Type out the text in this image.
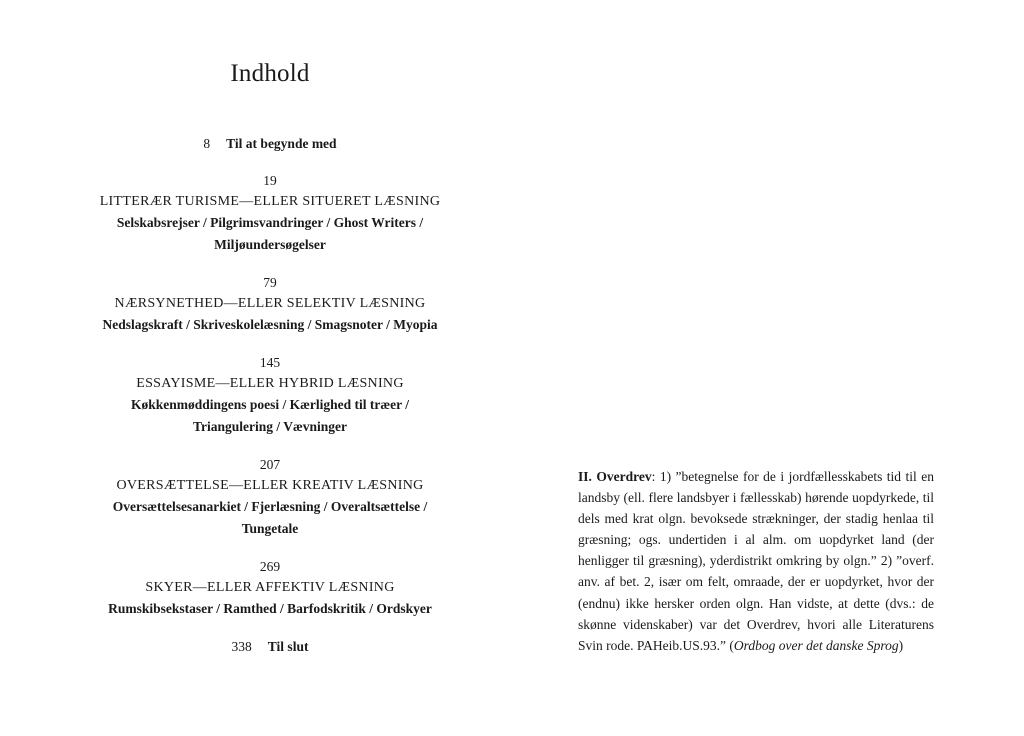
Indhold
8 Til at begynde med
19
LITTERÆR TURISME—ELLER SITUERET LÆSNING
Selskabsrejser / Pilgrimsvandringer / Ghost Writers / Miljøundersøgelser
79
NÆRSYNETHED—ELLER SELEKTIV LÆSNING
Nedslagskraft / Skriveskolelæsning / Smagsnoter / Myopia
145
ESSAYISME—ELLER HYBRID LÆSNING
Køkkenmøddingens poesi / Kærlighed til træer / Triangulering / Vævninger
207
OVERSÆTTELSE—ELLER KREATIV LÆSNING
Oversættelsesanarkiet / Fjerlæsning / Overaltsættelse / Tungetale
269
SKYER—ELLER AFFEKTIV LÆSNING
Rumskibsekstaser / Ramthed / Barfodskritik / Ordskyer
338 Til slut
II. Overdrev: 1) ”betegnelse for de i jordfællesskabets tid til en landsby (ell. flere landsbyer i fællesskab) hørende uopdyrkede, til dels med krat olgn. bevoksede strækninger, der stadig henlaa til græsning; ogs. undertiden i al alm. om uopdyrket land (der henligger til græsning), yderdistrikt omkring by olgn.” 2) ”overf. anv. af bet. 2, især om felt, omraade, der er uopdyrket, hvor der (endnu) ikke hersker orden olgn. Han vidste, at dette (dvs.: de skønne videnskaber) var det Overdrev, hvori alle Literaturens Svin rode. PAHeib.US.93.” (Ordbog over det danske Sprog)
